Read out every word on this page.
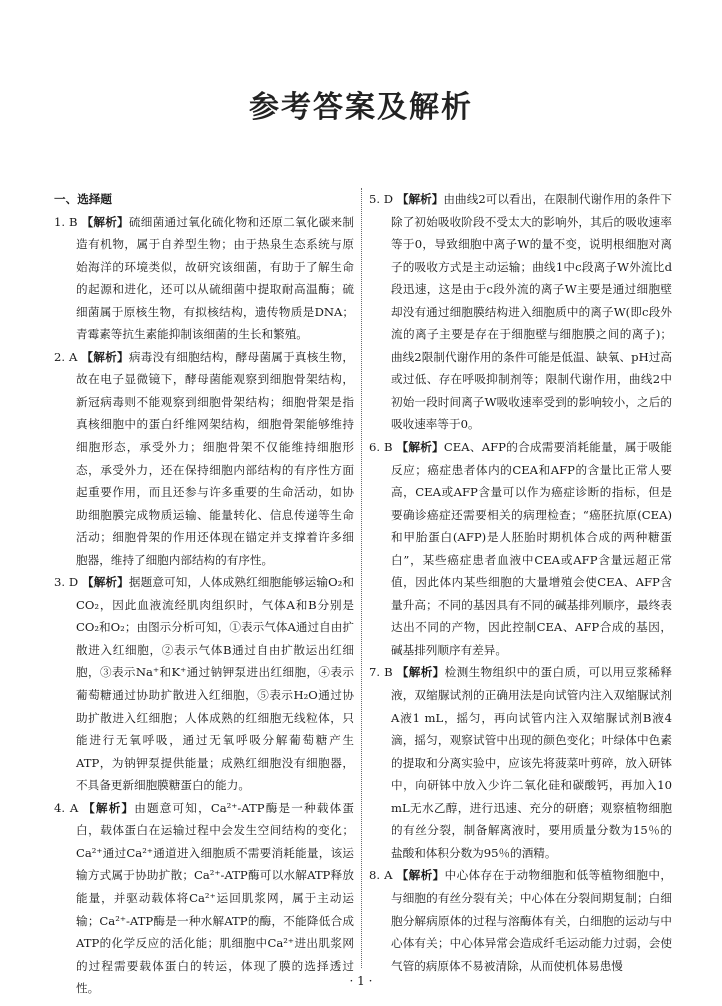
参考答案及解析
一、选择题
1. B 【解析】硫细菌通过氧化硫化物和还原二氧化碳来制造有机物，属于自养型生物；由于热泉生态系统与原始海洋的环境类似，故研究该细菌，有助于了解生命的起源和进化，还可以从硫细菌中提取耐高温酶；硫细菌属于原核生物，有拟核结构，遗传物质是DNA；青霉素等抗生素能抑制该细菌的生长和繁殖。
2. A 【解析】病毒没有细胞结构，酵母菌属于真核生物，故在电子显微镜下，酵母菌能观察到细胞骨架结构，新冠病毒则不能观察到细胞骨架结构；细胞骨架是指真核细胞中的蛋白纤维网架结构，细胞骨架能够维持细胞形态，承受外力；细胞骨架不仅能维持细胞形态，承受外力，还在保持细胞内部结构的有序性方面起重要作用，而且还参与许多重要的生命活动，如协助细胞膜完成物质运输、能量转化、信息传递等生命活动；细胞骨架的作用还体现在锚定并支撑着许多细胞器，维持了细胞内部结构的有序性。
3. D 【解析】据题意可知，人体成熟红细胞能够运输O₂和CO₂，因此血液流经肌肉组织时，气体A和B分别是CO₂和O₂；由图示分析可知，①表示气体A通过自由扩散进入红细胞，②表示气体B通过自由扩散运出红细胞，③表示Na⁺和K⁺通过钠钾泵进出红细胞，④表示葡萄糖通过协助扩散进入红细胞，⑤表示H₂O通过协助扩散进入红细胞；人体成熟的红细胞无线粒体，只能进行无氧呼吸，通过无氧呼吸分解葡萄糖产生ATP，为钠钾泵提供能量；成熟红细胞没有细胞器，不具备更新细胞膜糖蛋白的能力。
4. A 【解析】由题意可知，Ca²⁺-ATP酶是一种载体蛋白，载体蛋白在运输过程中会发生空间结构的变化；Ca²⁺通过Ca²⁺通道进入细胞质不需要消耗能量，该运输方式属于协助扩散；Ca²⁺-ATP酶可以水解ATP释放能量，并驱动载体将Ca²⁺运回肌浆网，属于主动运输；Ca²⁺-ATP酶是一种水解ATP的酶，不能降低合成ATP的化学反应的活化能；肌细胞中Ca²⁺进出肌浆网的过程需要载体蛋白的转运，体现了膜的选择透过性。
5. D 【解析】由曲线2可以看出，在限制代谢作用的条件下除了初始吸收阶段不受太大的影响外，其后的吸收速率等于0，导致细胞中离子W的量不变，说明根细胞对离子的吸收方式是主动运输；曲线1中c段离子W外流比d段迅速，这是由于c段外流的离子W主要是通过细胞壁却没有通过细胞膜结构进入细胞质中的离子W(即c段外流的离子主要是存在于细胞壁与细胞膜之间的离子)；曲线2限制代谢作用的条件可能是低温、缺氧、pH过高或过低、存在呼吸抑制剂等；限制代谢作用，曲线2中初始一段时间离子W吸收速率受到的影响较小，之后的吸收速率等于0。
6. B 【解析】CEA、AFP的合成需要消耗能量，属于吸能反应；癌症患者体内的CEA和AFP的含量比正常人要高，CEA或AFP含量可以作为癌症诊断的指标，但是要确诊癌症还需要相关的病理检查；“癌胚抗原(CEA)和甲胎蛋白(AFP)是人胚胎时期机体合成的两种糖蛋白”，某些癌症患者血液中CEA或AFP含量远超正常值，因此体内某些细胞的大量增殖会使CEA、AFP含量升高；不同的基因具有不同的碱基排列顺序，最终表达出不同的产物，因此控制CEA、AFP合成的基因，碱基排列顺序有差异。
7. B 【解析】检测生物组织中的蛋白质，可以用豆浆稀释液，双缩脲试剂的正确用法是向试管内注入双缩脲试剂A液1 mL，摇匀，再向试管内注入双缩脲试剂B液4滴，摇匀，观察试管中出现的颜色变化；叶绿体中色素的提取和分离实验中，应该先将菠菜叶剪碎，放入研钵中，向研钵中放入少许二氧化硅和碳酸钙，再加入10 mL无水乙醇，进行迅速、充分的研磨；观察植物细胞的有丝分裂，制备解离液时，要用质量分数为15％的盐酸和体积分数为95％的酒精。
8. A 【解析】中心体存在于动物细胞和低等植物细胞中，与细胞的有丝分裂有关；中心体在分裂间期复制；白细胞分解病原体的过程与溶酶体有关，白细胞的运动与中心体有关；中心体异常会造成纤毛运动能力过弱，会使气管的病原体不易被清除，从而使机体易患慢
· 1 ·
